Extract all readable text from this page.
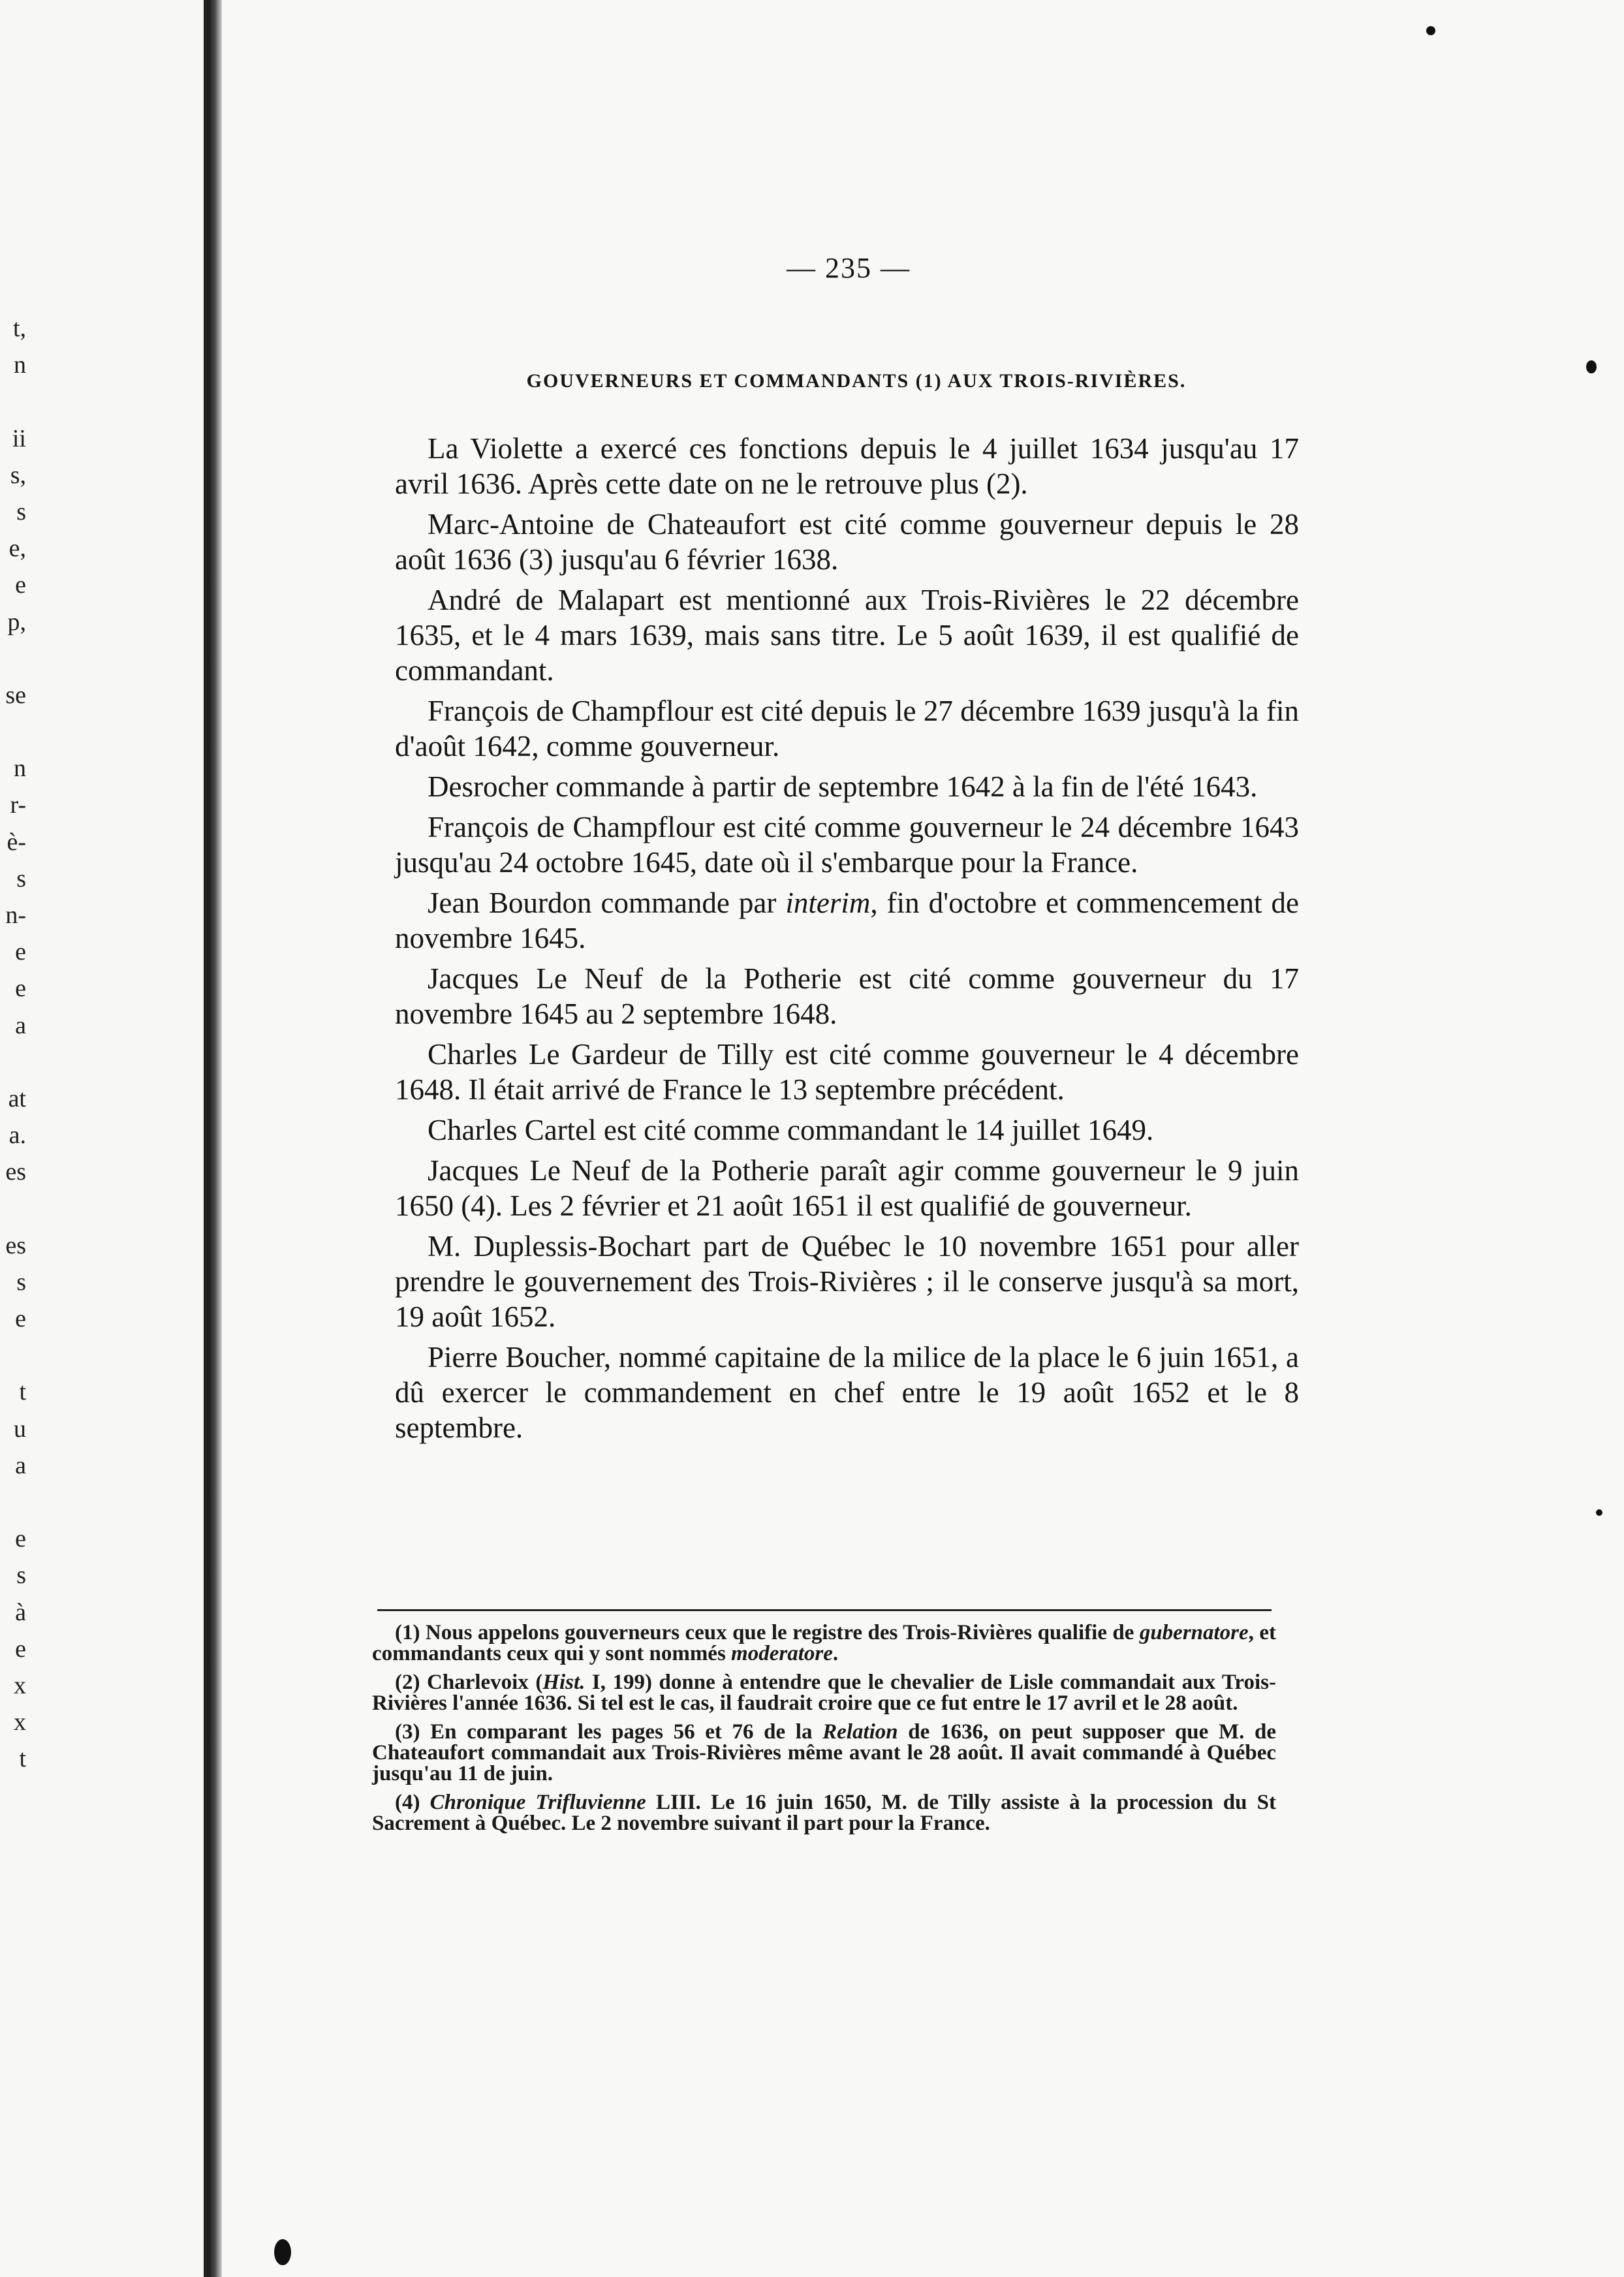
t,
n
ii
s,
s
e,
e
p,
se
n
r-
è-
s
n-
e
e
a
at
a.
es
es
s
e
t
u
a
e
s
à
e
x
x
t

— 235 —

GOUVERNEURS ET COMMANDANTS (1) AUX TROIS-RIVIÈRES.

La Violette a exercé ces fonctions depuis le 4 juillet 1634 jusqu'au 17 avril 1636. Après cette date on ne le retrouve plus (2).

Marc-Antoine de Chateaufort est cité comme gouverneur depuis le 28 août 1636 (3) jusqu'au 6 février 1638.

André de Malapart est mentionné aux Trois-Rivières le 22 décembre 1635, et le 4 mars 1639, mais sans titre. Le 5 août 1639, il est qualifié de commandant.

François de Champflour est cité depuis le 27 décembre 1639 jusqu'à la fin d'août 1642, comme gouverneur.

Desrocher commande à partir de septembre 1642 à la fin de l'été 1643.

François de Champflour est cité comme gouverneur le 24 décembre 1643 jusqu'au 24 octobre 1645, date où il s'embarque pour la France.

Jean Bourdon commande par interim, fin d'octobre et commencement de novembre 1645.

Jacques Le Neuf de la Potherie est cité comme gouverneur du 17 novembre 1645 au 2 septembre 1648.

Charles Le Gardeur de Tilly est cité comme gouverneur le 4 décembre 1648. Il était arrivé de France le 13 septembre précédent.

Charles Cartel est cité comme commandant le 14 juillet 1649.

Jacques Le Neuf de la Potherie paraît agir comme gouverneur le 9 juin 1650 (4). Les 2 février et 21 août 1651 il est qualifié de gouverneur.

M. Duplessis-Bochart part de Québec le 10 novembre 1651 pour aller prendre le gouvernement des Trois-Rivières ; il le conserve jusqu'à sa mort, 19 août 1652.

Pierre Boucher, nommé capitaine de la milice de la place le 6 juin 1651, a dû exercer le commandement en chef entre le 19 août 1652 et le 8 septembre.

(1) Nous appelons gouverneurs ceux que le registre des Trois-Rivières qualifie de gubernatore, et commandants ceux qui y sont nommés moderatore.

(2) Charlevoix (Hist. I, 199) donne à entendre que le chevalier de Lisle commandait aux Trois-Rivières l'année 1636. Si tel est le cas, il faudrait croire que ce fut entre le 17 avril et le 28 août.

(3) En comparant les pages 56 et 76 de la Relation de 1636, on peut supposer que M. de Chateaufort commandait aux Trois-Rivières même avant le 28 août. Il avait commandé à Québec jusqu'au 11 de juin.

(4) Chronique Trifluvienne LIII. Le 16 juin 1650, M. de Tilly assiste à la procession du St Sacrement à Québec. Le 2 novembre suivant il part pour la France.
